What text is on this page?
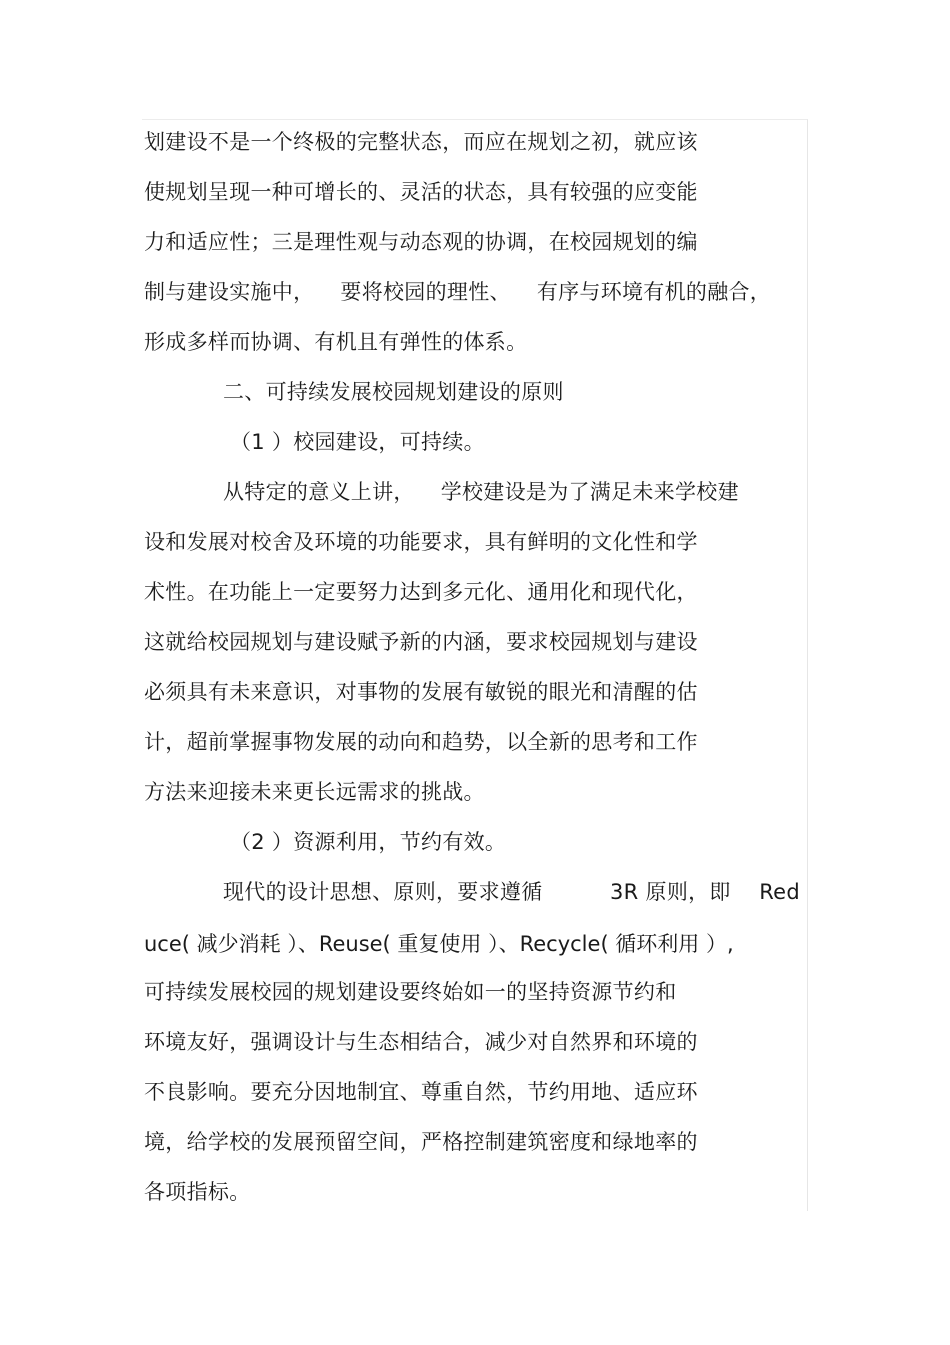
划建设不是一个终极的完整状态，而应在规划之初，就应该
使规划呈现一种可增长的、灵活的状态，具有较强的应变能
力和适应性；三是理性观与动态观的协调，在校园规划的编
制与建设实施中， 要将校园的理性、 有序与环境有机的融合，
形成多样而协调、有机且有弹性的体系。
二、可持续发展校园规划建设的原则
（1 ）校园建设，可持续。
从特定的意义上讲， 学校建设是为了满足未来学校建
设和发展对校舍及环境的功能要求，具有鲜明的文化性和学
术性。在功能上一定要努力达到多元化、通用化和现代化，
这就给校园规划与建设赋予新的内涵，要求校园规划与建设
必须具有未来意识，对事物的发展有敏锐的眼光和清醒的估
计，超前掌握事物发展的动向和趋势，以全新的思考和工作
方法来迎接未来更长远需求的挑战。
（2 ）资源利用，节约有效。
现代的设计思想、原则，要求遵循	3R 原则，即 Red
uce( 减少消耗 ）、Reuse( 重复使用 ）、Recycle( 循环利用 ）,
可持续发展校园的规划建设要终始如一的坚持资源节约和
环境友好，强调设计与生态相结合，减少对自然界和环境的
不良影响。要充分因地制宜、尊重自然，节约用地、适应环
境，给学校的发展预留空间，严格控制建筑密度和绿地率的
各项指标。
